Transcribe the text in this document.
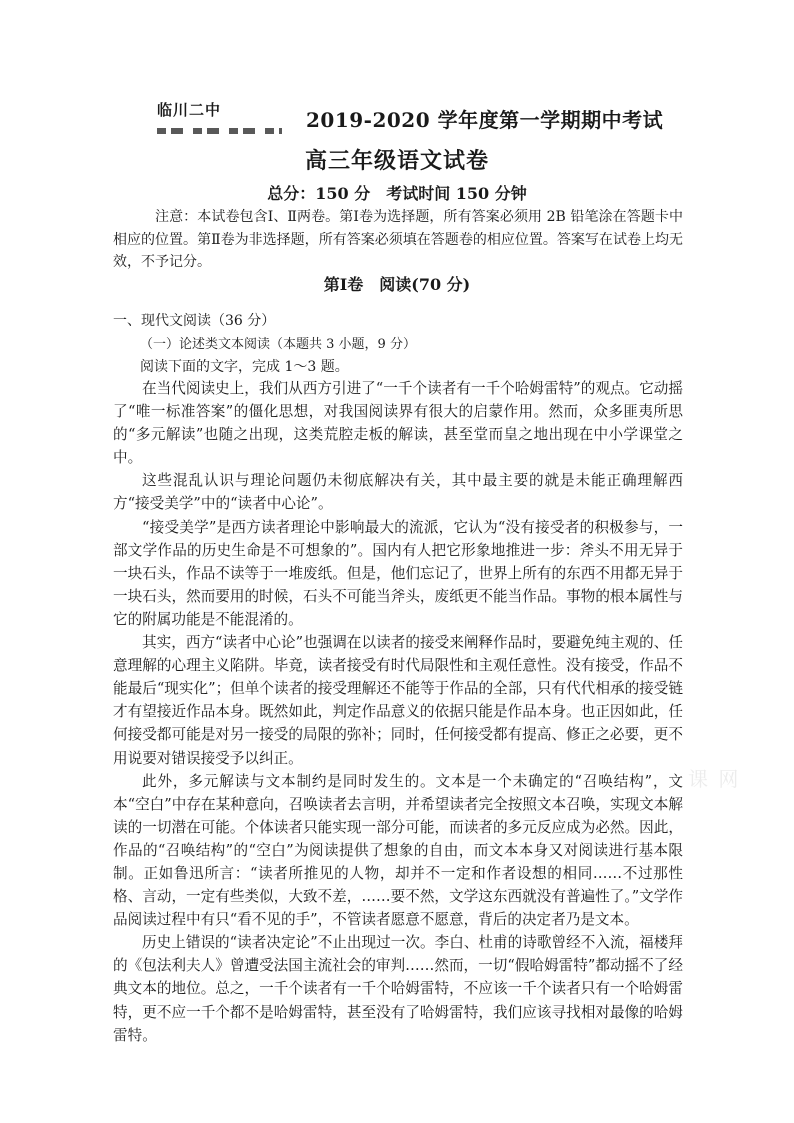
临川二中	2019-2020 学年度第一学期期中考试
高三年级语文试卷
总分：150 分　考试时间 150 分钟
注意：本试卷包含Ⅰ、Ⅱ两卷。第Ⅰ卷为选择题，所有答案必须用 2B 铅笔涂在答题卡中相应的位置。第Ⅱ卷为非选择题，所有答案必须填在答题卷的相应位置。答案写在试卷上均无效，不予记分。
第Ⅰ卷　阅读(70 分)
一、现代文阅读（36 分）
（一）论述类文本阅读（本题共 3 小题，9 分）
阅读下面的文字，完成 1～3 题。

在当代阅读史上，我们从西方引进了“一千个读者有一千个哈姆雷特”的观点。它动摇了“唯一标准答案”的僵化思想，对我国阅读界有很大的启蒙作用。然而，众多匪夷所思的“多元解读”也随之出现，这类荒腔走板的解读，甚至堂而皇之地出现在中小学课堂之中。

这些混乱认识与理论问题仍未彻底解决有关，其中最主要的就是未能正确理解西方“接受美学”中的“读者中心论”。

“接受美学”是西方读者理论中影响最大的流派，它认为“没有接受者的积极参与，一部文学作品的历史生命是不可想象的”。国内有人把它形象地推进一步：斧头不用无异于一块石头，作品不读等于一堆废纸。但是，他们忘记了，世界上所有的东西不用都无异于一块石头，然而要用的时候，石头不可能当斧头，废纸更不能当作品。事物的根本属性与它的附属功能是不能混淆的。

其实，西方“读者中心论”也强调在以读者的接受来阐释作品时，要避免纯主观的、任意理解的心理主义陷阱。毕竟，读者接受有时代局限性和主观任意性。没有接受，作品不能最后“现实化”；但单个读者的接受理解还不能等于作品的全部，只有代代相承的接受链才有望接近作品本身。既然如此，判定作品意义的依据只能是作品本身。也正因如此，任何接受都可能是对另一接受的局限的弥补；同时，任何接受都有提高、修正之必要，更不用说要对错误接受予以纠正。

此外，多元解读与文本制约是同时发生的。文本是一个未确定的“召唤结构”，文本“空白”中存在某种意向，召唤读者去言明，并希望读者完全按照文本召唤，实现文本解读的一切潜在可能。个体读者只能实现一部分可能，而读者的多元反应成为必然。因此，作品的“召唤结构”的“空白”为阅读提供了想象的自由，而文本本身又对阅读进行基本限制。正如鲁迅所言：“读者所推见的人物，却并不一定和作者设想的相同……不过那性格、言动，一定有些类似，大致不差，……要不然，文学这东西就没有普遍性了。”文学作品阅读过程中有只“看不见的手”，不管读者愿意不愿意，背后的决定者乃是文本。

历史上错误的“读者决定论”不止出现过一次。李白、杜甫的诗歌曾经不入流，福楼拜的《包法利夫人》曾遭受法国主流社会的审判……然而，一切“假哈姆雷特”都动摇不了经典文本的地位。总之，一千个读者有一千个哈姆雷特，不应该一千个读者只有一个哈姆雷特，更不应一千个都不是哈姆雷特，甚至没有了哈姆雷特，我们应该寻找相对最像的哈姆雷特。

课 网
